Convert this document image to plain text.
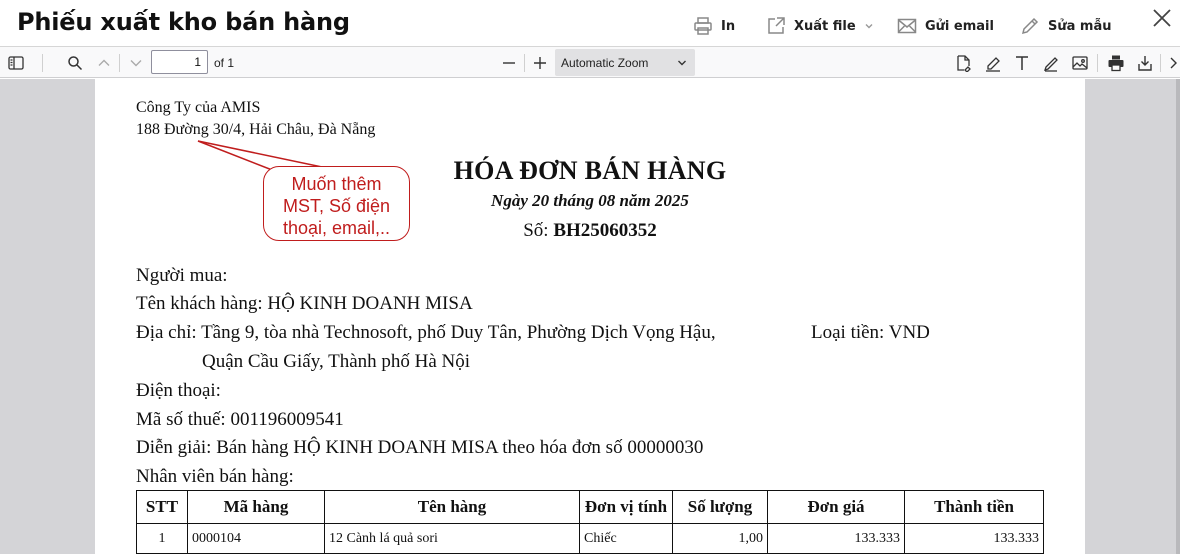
Phiếu xuất kho bán hàng	In	Xuất file	Gửi email	Sửa mẫu
1
of 1	Automatic Zoom
Công Ty của AMIS
188 Đường 30/4, Hải Châu, Đà Nẵng
Muốn thêm
MST, Số điện
thoại, email,..
HÓA ĐƠN BÁN HÀNG
Ngày 20 tháng 08 năm 2025
Số: BH25060352
Người mua:
Tên khách hàng: HỘ KINH DOANH MISA
Địa chỉ: Tầng 9, tòa nhà Technosoft, phố Duy Tân, Phường Dịch Vọng Hậu,	Loại tiền: VND
Quận Cầu Giấy, Thành phố Hà Nội
Điện thoại:
Mã số thuế: 001196009541
Diễn giải: Bán hàng HỘ KINH DOANH MISA theo hóa đơn số 00000030
Nhân viên bán hàng:
STT	Mã hàng	Tên hàng	Đơn vị tính	Số lượng	Đơn giá	Thành tiền
1	0000104	12 Cành lá quả sori	Chiếc	1,00	133.333	133.333
